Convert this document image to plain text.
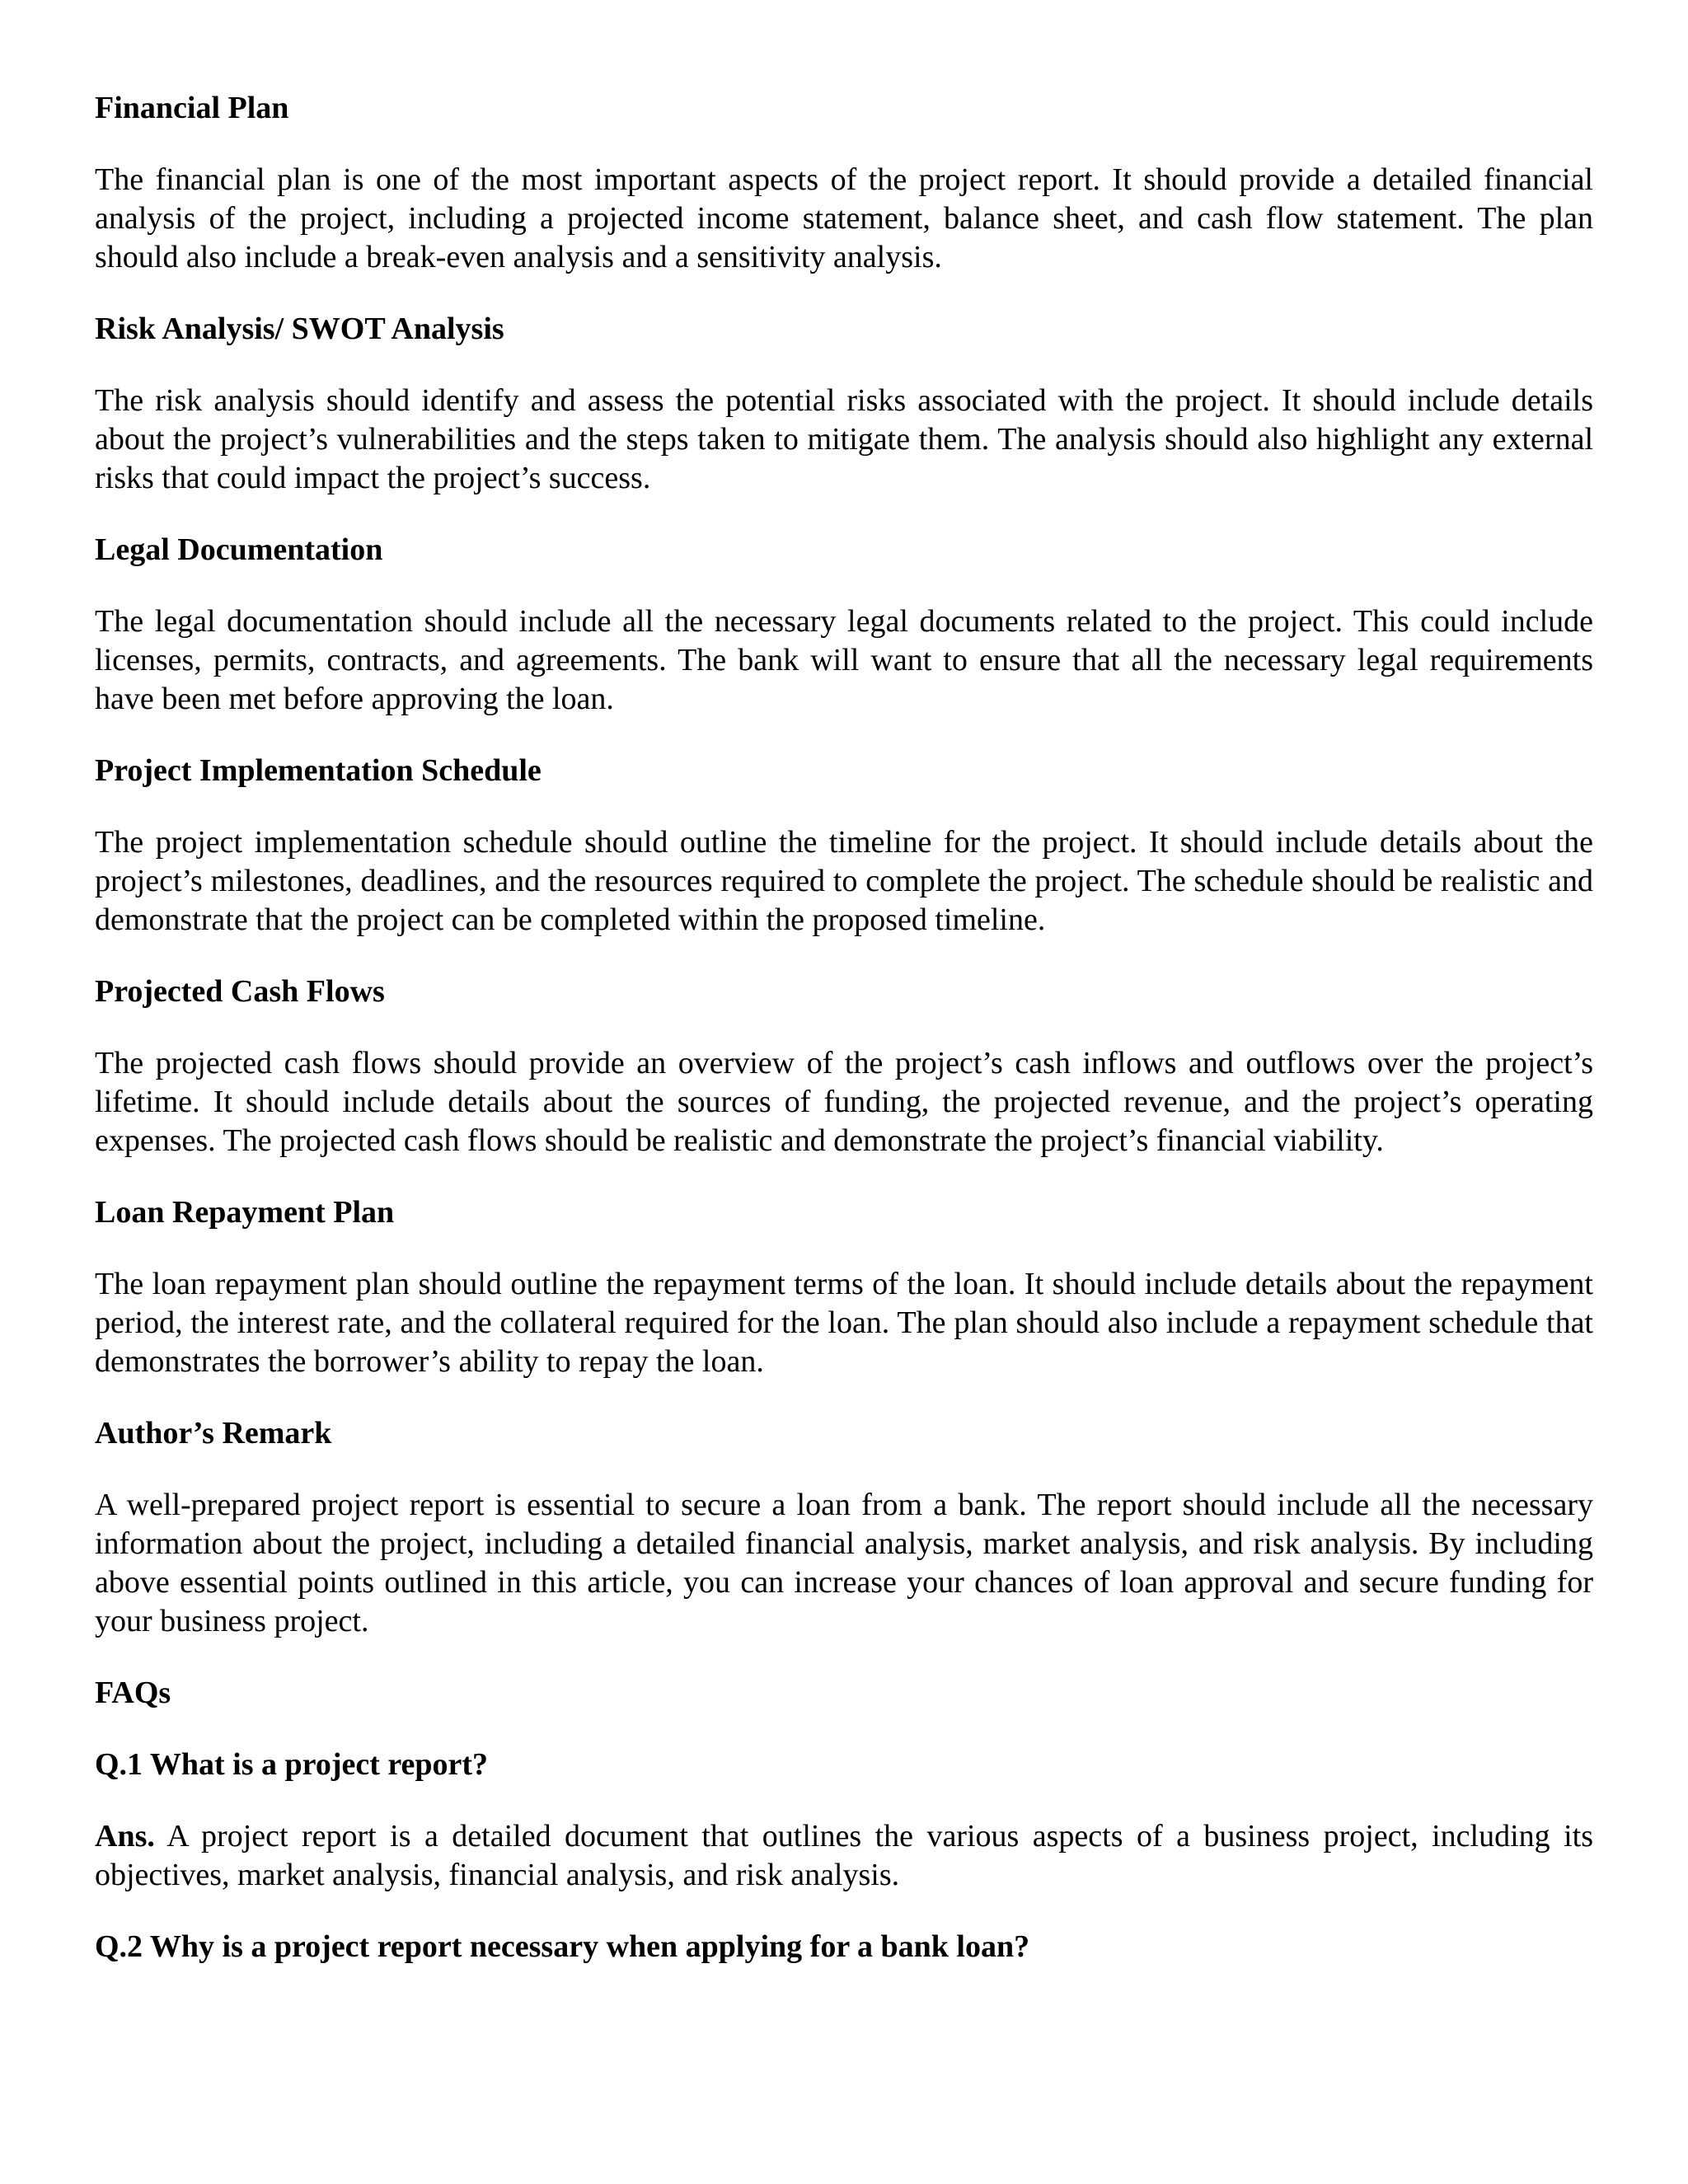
Financial Plan
The financial plan is one of the most important aspects of the project report. It should provide a detailed financial analysis of the project, including a projected income statement, balance sheet, and cash flow statement. The plan should also include a break-even analysis and a sensitivity analysis.
Risk Analysis/ SWOT Analysis
The risk analysis should identify and assess the potential risks associated with the project. It should include details about the project’s vulnerabilities and the steps taken to mitigate them. The analysis should also highlight any external risks that could impact the project’s success.
Legal Documentation
The legal documentation should include all the necessary legal documents related to the project. This could include licenses, permits, contracts, and agreements. The bank will want to ensure that all the necessary legal requirements have been met before approving the loan.
Project Implementation Schedule
The project implementation schedule should outline the timeline for the project. It should include details about the project’s milestones, deadlines, and the resources required to complete the project. The schedule should be realistic and demonstrate that the project can be completed within the proposed timeline.
Projected Cash Flows
The projected cash flows should provide an overview of the project’s cash inflows and outflows over the project’s lifetime. It should include details about the sources of funding, the projected revenue, and the project’s operating expenses. The projected cash flows should be realistic and demonstrate the project’s financial viability.
Loan Repayment Plan
The loan repayment plan should outline the repayment terms of the loan. It should include details about the repayment period, the interest rate, and the collateral required for the loan. The plan should also include a repayment schedule that demonstrates the borrower’s ability to repay the loan.
Author’s Remark
A well-prepared project report is essential to secure a loan from a bank. The report should include all the necessary information about the project, including a detailed financial analysis, market analysis, and risk analysis. By including above essential points outlined in this article, you can increase your chances of loan approval and secure funding for your business project.
FAQs
Q.1 What is a project report?
Ans. A project report is a detailed document that outlines the various aspects of a business project, including its objectives, market analysis, financial analysis, and risk analysis.
Q.2 Why is a project report necessary when applying for a bank loan?
